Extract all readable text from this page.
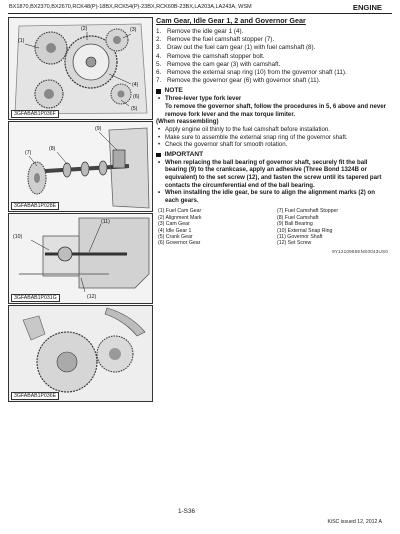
BX1870,BX2370,BX2670,RCK48(P)-18BX,RCK54(P)-23BX,RCK60B-23BX,LA203A,LA243A, WSM	ENGINE
(1)
(2)	(3)
(4)
(5)
(6)
3GFABAB1P036F
(7)
(8)
(9)
3GFABAB1P028E
(10)
(11)
(12)
3GFABAB1P031G
3GFABAB1P036E
Cam Gear, Idle Gear 1, 2 and Governor Gear
1. Remove the idle gear 1 (4).
2. Remove the fuel camshaft stopper (7).
3. Draw out the fuel cam gear (1) with fuel camshaft (8).
4. Remove the camshaft stopper bolt.
5. Remove the cam gear (3) with camshaft.
6. Remove the external snap ring (10) from the governor shaft (11).
7. Remove the governor gear (6) with governor shaft (11).
NOTE
• Three-lever type fork lever
To remove the governor shaft, follow the procedures in 5, 6 above and never remove fork lever and the max torque limiter.
(When reassembling)
• Apply engine oil thinly to the fuel camshaft before installation.
• Make sure to assemble the external snap ring of the governor shaft.
• Check the governor shaft for smooth rotation.
IMPORTANT
• When replacing the ball bearing of governor shaft, securely fit the ball bearing (9) to the crankcase, apply an adhesive (Three Bond 1324B or equivalent) to the set screw (12), and fasten the screw until its tapered part contacts the circumferential end of the ball bearing.
• When installing the idle gear, be sure to align the alignment marks (2) on each gears.
(1) Fuel Cam Gear	(7) Fuel Camshaft Stopper
(2) Alignment Mark	(8) Fuel Camshaft
(3) Cam Gear	(9) Ball Bearing
(4) Idle Gear 1	(10) External Snap Ring
(5) Crank Gear	(11) Governor Shaft
(6) Governor Gear	(12) Set Screw
9Y1210955ENS0043US0
1-S36
KiSC issued 12, 2012 A
